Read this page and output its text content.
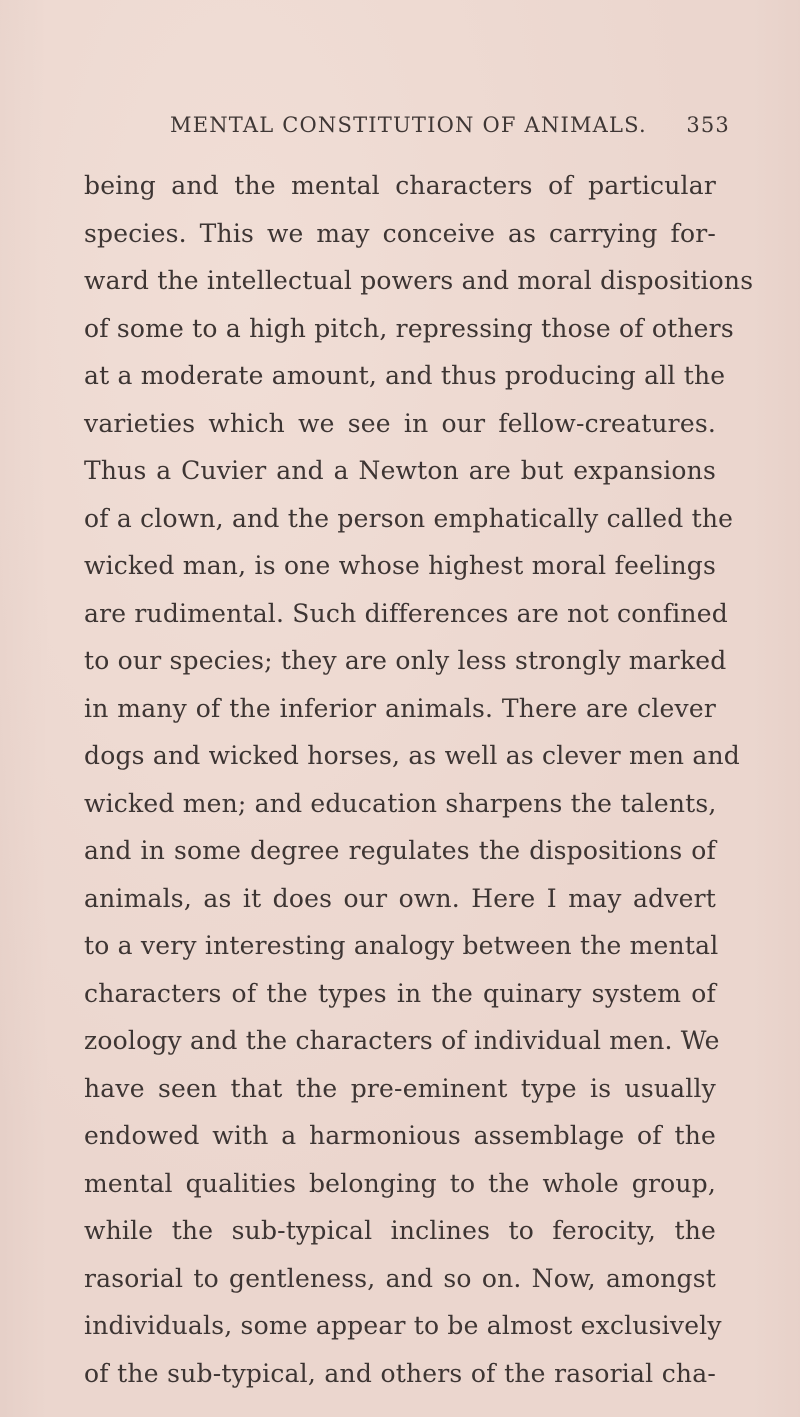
MENTAL CONSTITUTION OF ANIMALS. 353
being and the mental characters of particular
species. This we may conceive as carrying for-
ward the intellectual powers and moral dispositions
of some to a high pitch, repressing those of others
at a moderate amount, and thus producing all the
varieties which we see in our fellow-creatures.
Thus a Cuvier and a Newton are but expansions
of a clown, and the person emphatically called the
wicked man, is one whose highest moral feelings
are rudimental. Such differences are not confined
to our species; they are only less strongly marked
in many of the inferior animals. There are clever
dogs and wicked horses, as well as clever men and
wicked men; and education sharpens the talents,
and in some degree regulates the dispositions of
animals, as it does our own. Here I may advert
to a very interesting analogy between the mental
characters of the types in the quinary system of
zoology and the characters of individual men. We
have seen that the pre-eminent type is usually
endowed with a harmonious assemblage of the
mental qualities belonging to the whole group,
while the sub-typical inclines to ferocity, the
rasorial to gentleness, and so on. Now, amongst
individuals, some appear to be almost exclusively
of the sub-typical, and others of the rasorial cha-
